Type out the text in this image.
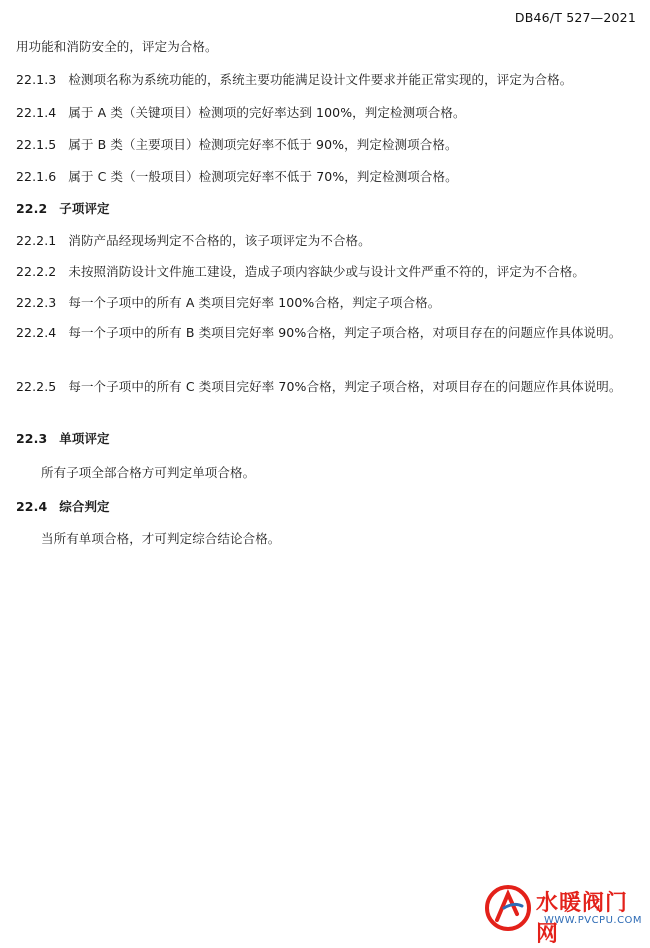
DB46/T 527—2021
用功能和消防安全的，评定为合格。
22.1.3 检测项名称为系统功能的，系统主要功能满足设计文件要求并能正常实现的，评定为合格。
22.1.4 属于 A 类（关键项目）检测项的完好率达到 100%，判定检测项合格。
22.1.5 属于 B 类（主要项目）检测项完好率不低于 90%，判定检测项合格。
22.1.6 属于 C 类（一般项目）检测项完好率不低于 70%，判定检测项合格。
22.2 子项评定
22.2.1 消防产品经现场判定不合格的，该子项评定为不合格。
22.2.2 未按照消防设计文件施工建设，造成子项内容缺少或与设计文件严重不符的，评定为不合格。
22.2.3 每一个子项中的所有 A 类项目完好率 100%合格，判定子项合格。
22.2.4 每一个子项中的所有 B 类项目完好率 90%合格，判定子项合格，对项目存在的问题应作具体说明。
22.2.5 每一个子项中的所有 C 类项目完好率 70%合格，判定子项合格，对项目存在的问题应作具体说明。
22.3 单项评定
所有子项全部合格方可判定单项合格。
22.4 综合判定
当所有单项合格，才可判定综合结论合格。
水暖阀门网
WWW.PVCPU.COM
